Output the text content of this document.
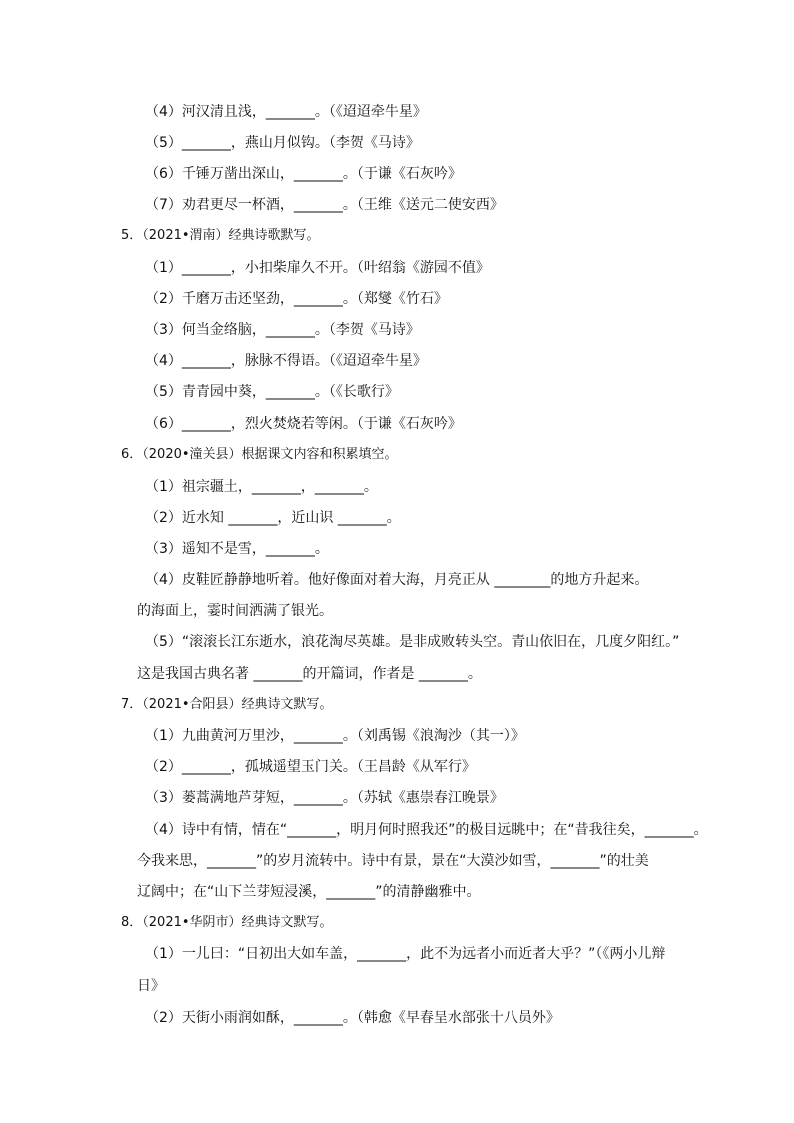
（4）河汉清且浅，_______。（《迢迢牵牛星》
（5）_______，燕山月似钩。（李贺《马诗》
（6）千锤万凿出深山，_______。（于谦《石灰吟》
（7）劝君更尽一杯酒，_______。（王维《送元二使安西》
5．（2021•渭南）经典诗歌默写。
（1）_______，小扣柴扉久不开。（叶绍翁《游园不值》
（2）千磨万击还坚劲，_______。（郑燮《竹石》
（3）何当金络脑，_______。（李贺《马诗》
（4）_______，脉脉不得语。（《迢迢牵牛星》
（5）青青园中葵，_______。（《长歌行》
（6）_______，烈火焚烧若等闲。（于谦《石灰吟》
6．（2020•潼关县）根据课文内容和积累填空。
（1）祖宗疆土，_______，_______。
（2）近水知 _______，近山识 _______。
（3）遥知不是雪，_______。
（4）皮鞋匠静静地听着。他好像面对着大海，月亮正从 ________的地方升起来。
的海面上，霎时间洒满了银光。
（5）“滚滚长江东逝水，浪花淘尽英雄。是非成败转头空。青山依旧在，几度夕阳红。”
这是我国古典名著 _______的开篇词，作者是 _______。
7．（2021•合阳县）经典诗文默写。
（1）九曲黄河万里沙，_______。（刘禹锡《浪淘沙（其一）》
（2）_______，孤城遥望玉门关。（王昌龄《从军行》
（3）蒌蒿满地芦芽短，_______。（苏轼《惠崇春江晚景》
（4）诗中有情，情在“_______，明月何时照我还”的极目远眺中；在“昔我往矣，_______。
今我来思，_______”的岁月流转中。诗中有景，景在“大漠沙如雪，_______”的壮美
辽阔中；在“山下兰芽短浸溪，_______”的清静幽雅中。
8．（2021•华阴市）经典诗文默写。
（1）一儿曰：“日初出大如车盖，_______，此不为远者小而近者大乎？”（《两小儿辩
日》
（2）天街小雨润如酥，_______。（韩愈《早春呈水部张十八员外》
